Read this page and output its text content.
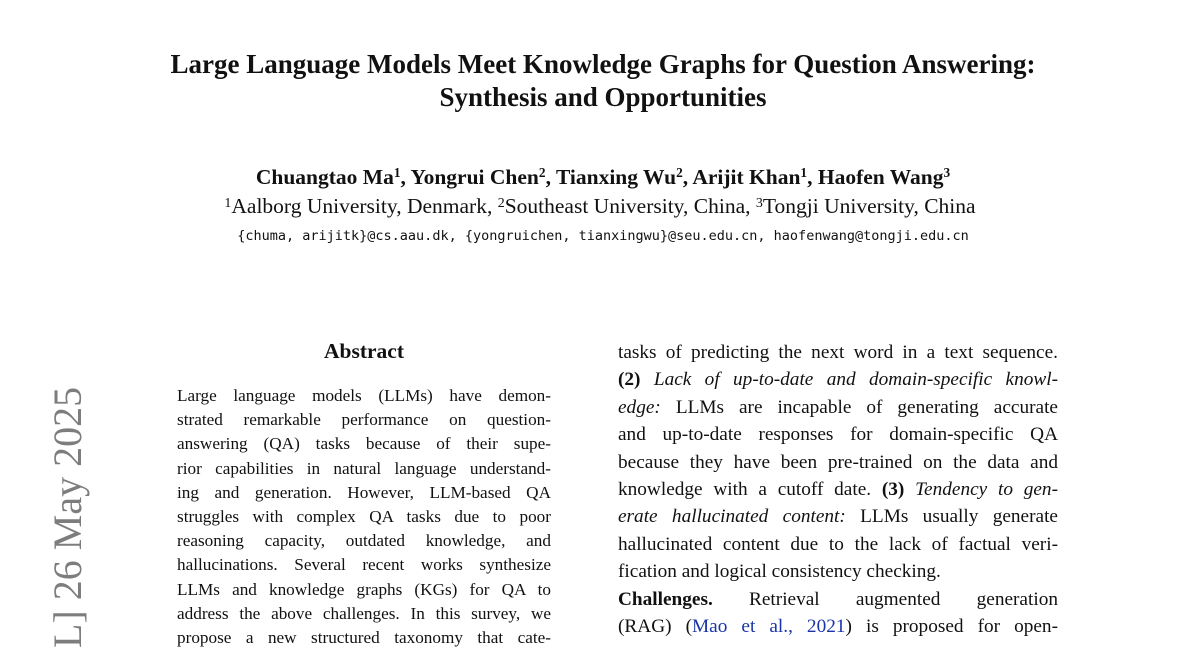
Large Language Models Meet Knowledge Graphs for Question Answering:
Synthesis and Opportunities
Chuangtao Ma$^1$, Yongrui Chen$^2$, Tianxing Wu$^2$, Arijit Khan$^1$, Haofen Wang$^3$
$^1$Aalborg University, Denmark, $^2$Southeast University, China, $^3$Tongji University, China
{chuma, arijitk}@cs.aau.dk, {yongruichen, tianxingwu}@seu.edu.cn, haofenwang@tongji.edu.cn
L] 26 May 2025
Abstract
Large language models (LLMs) have demon-
strated remarkable performance on question-
answering (QA) tasks because of their supe-
rior capabilities in natural language understand-
ing and generation. However, LLM-based QA
struggles with complex QA tasks due to poor
reasoning capacity, outdated knowledge, and
hallucinations. Several recent works synthesize
LLMs and knowledge graphs (KGs) for QA to
address the above challenges. In this survey, we
propose a new structured taxonomy that cate-
tasks of predicting the next word in a text sequence.
(2) Lack of up-to-date and domain-specific knowl-
edge: LLMs are incapable of generating accurate
and up-to-date responses for domain-specific QA
because they have been pre-trained on the data and
knowledge with a cutoff date. (3) Tendency to gen-
erate hallucinated content: LLMs usually generate
hallucinated content due to the lack of factual veri-
fication and logical consistency checking.
Challenges. Retrieval augmented generation
(RAG) (Mao et al., 2021) is proposed for open-
